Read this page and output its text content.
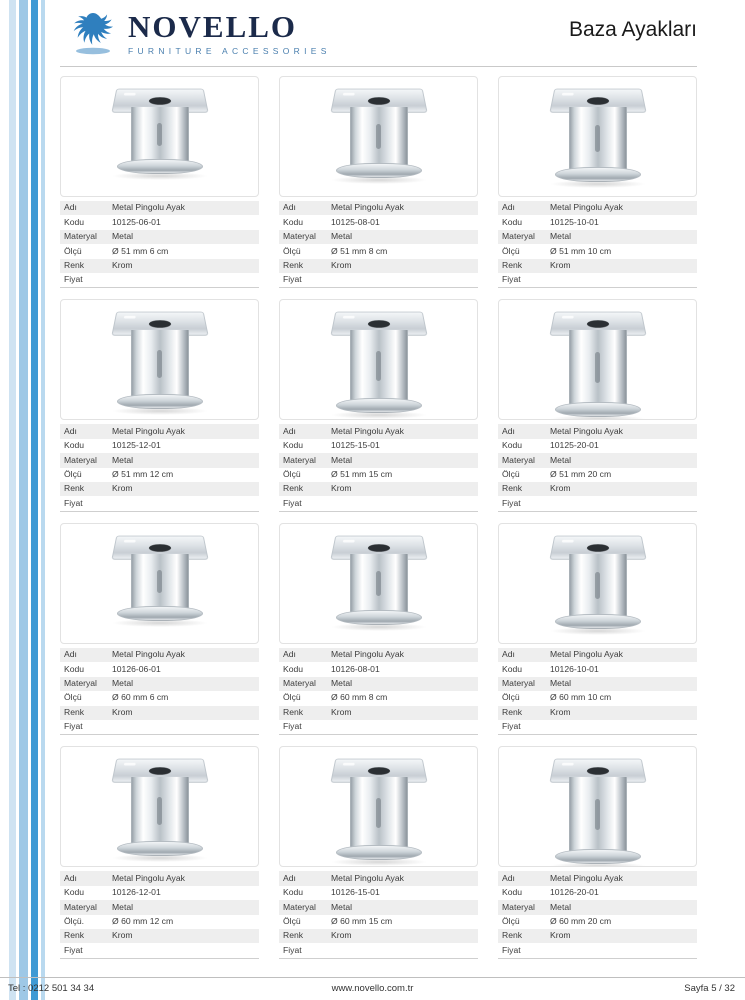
NOVELLO
FURNITURE ACCESSORIES
Baza Ayakları
Adı	Metal Pingolu Ayak
Kodu	10125-06-01
Materyal	Metal
Ölçü	Ø 51 mm 6 cm
Renk	Krom
Fiyat
Adı	Metal Pingolu Ayak
Kodu	10125-08-01
Materyal	Metal
Ölçü	Ø 51 mm 8 cm
Renk	Krom
Fiyat
Adı	Metal Pingolu Ayak
Kodu	10125-10-01
Materyal	Metal
Ölçü	Ø 51 mm 10 cm
Renk	Krom
Fiyat
Adı	Metal Pingolu Ayak
Kodu	10125-12-01
Materyal	Metal
Ölçü	Ø 51 mm 12 cm
Renk	Krom
Fiyat
Adı	Metal Pingolu Ayak
Kodu	10125-15-01
Materyal	Metal
Ölçü	Ø 51 mm 15 cm
Renk	Krom
Fiyat
Adı	Metal Pingolu Ayak
Kodu	10125-20-01
Materyal	Metal
Ölçü	Ø 51 mm 20 cm
Renk	Krom
Fiyat
Adı	Metal Pingolu Ayak
Kodu	10126-06-01
Materyal	Metal
Ölçü	Ø 60 mm 6 cm
Renk	Krom
Fiyat
Adı	Metal Pingolu Ayak
Kodu	10126-08-01
Materyal	Metal
Ölçü	Ø 60 mm 8 cm
Renk	Krom
Fiyat
Adı	Metal Pingolu Ayak
Kodu	10126-10-01
Materyal	Metal
Ölçü	Ø 60 mm 10 cm
Renk	Krom
Fiyat
Adı	Metal Pingolu Ayak
Kodu	10126-12-01
Materyal	Metal
Ölçü.	Ø 60 mm 12 cm
Renk	Krom
Fiyat
Adı	Metal Pingolu Ayak
Kodu	10126-15-01
Materyal	Metal
Ölçü	Ø 60 mm 15 cm
Renk	Krom
Fiyat
Adı	Metal Pingolu Ayak
Kodu	10126-20-01
Materyal	Metal
Ölçü	Ø 60 mm 20 cm
Renk	Krom
Fiyat
Tel : 0212 501 34 34	www.novello.com.tr	Sayfa 5 / 32
